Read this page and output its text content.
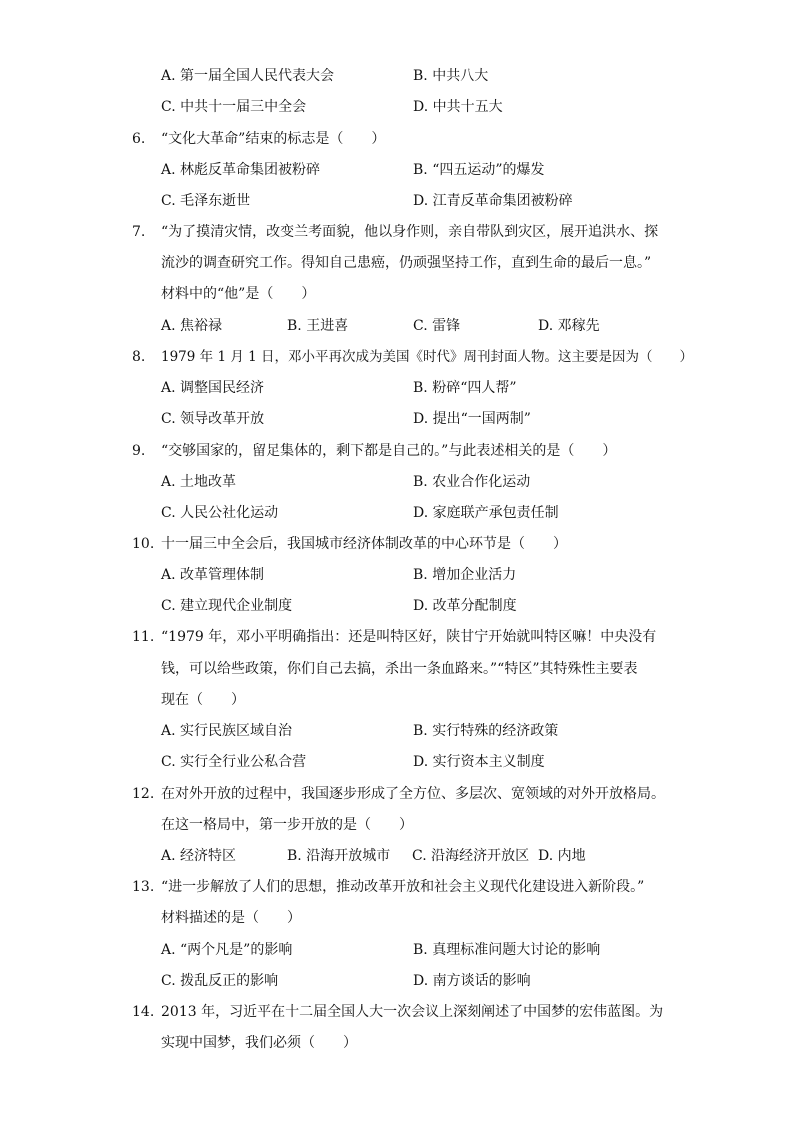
A. 第一届全国人民代表大会	B. 中共八大
C. 中共十一届三中全会	D. 中共十五大
6. “文化大革命”结束的标志是（　　）
A. 林彪反革命集团被粉碎	B. “四五运动”的爆发
C. 毛泽东逝世	D. 江青反革命集团被粉碎
7. “为了摸清灾情，改变兰考面貌，他以身作则，亲自带队到灾区，展开追洪水、探
流沙的调查研究工作。得知自己患癌，仍顽强坚持工作，直到生命的最后一息。”
材料中的“他”是（　　）
A. 焦裕禄	B. 王进喜	C. 雷锋	D. 邓稼先
8. 1979 年 1 月 1 日，邓小平再次成为美国《时代》周刊封面人物。这主要是因为（　　）
A. 调整国民经济	B. 粉碎“四人帮”
C. 领导改革开放	D. 提出“一国两制”
9. “交够国家的，留足集体的，剩下都是自己的。”与此表述相关的是（　　）
A. 土地改革	B. 农业合作化运动
C. 人民公社化运动	D. 家庭联产承包责任制
10. 十一届三中全会后，我国城市经济体制改革的中心环节是（　　）
A. 改革管理体制	B. 增加企业活力
C. 建立现代企业制度	D. 改革分配制度
11. “1979 年，邓小平明确指出：还是叫特区好，陕甘宁开始就叫特区嘛！中央没有
钱，可以给些政策，你们自己去搞，杀出一条血路来。”“特区”其特殊性主要表
现在（　　）
A. 实行民族区域自治	B. 实行特殊的经济政策
C. 实行全行业公私合营	D. 实行资本主义制度
12. 在对外开放的过程中，我国逐步形成了全方位、多层次、宽领域的对外开放格局。
在这一格局中，第一步开放的是（　　）
A. 经济特区	B. 沿海开放城市 C. 沿海经济开放区 D. 内地
13. “进一步解放了人们的思想，推动改革开放和社会主义现代化建设进入新阶段。”
材料描述的是（　　）
A. “两个凡是”的影响	B. 真理标准问题大讨论的影响
C. 拨乱反正的影响	D. 南方谈话的影响
14. 2013 年，习近平在十二届全国人大一次会议上深刻阐述了中国梦的宏伟蓝图。为
实现中国梦，我们必须（　　）
